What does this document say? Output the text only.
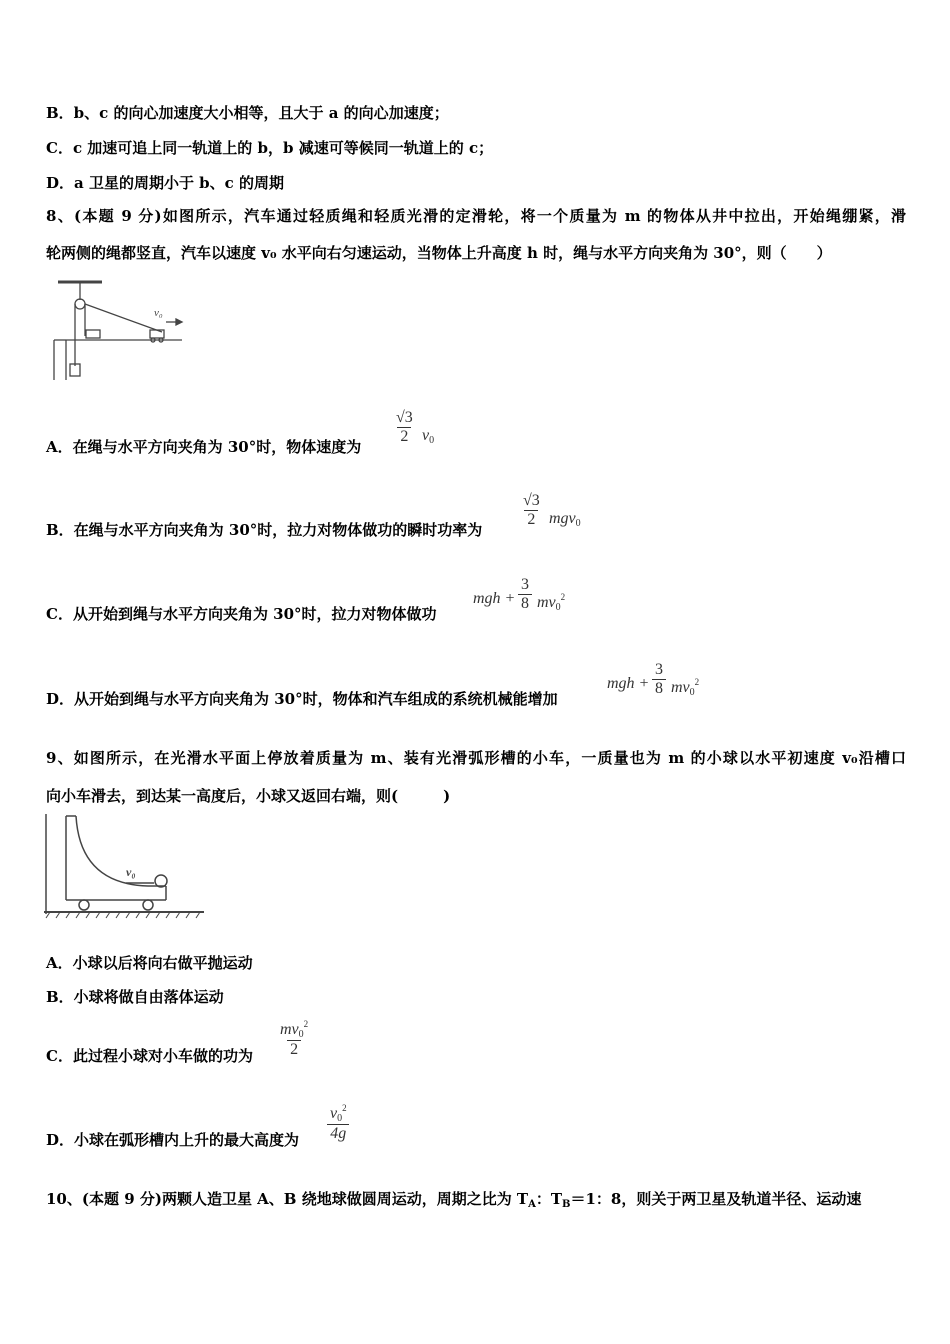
B．b、c 的向心加速度大小相等，且大于 a 的向心加速度；
C．c 加速可追上同一轨道上的 b，b 减速可等候同一轨道上的 c；
D．a 卫星的周期小于 b、c 的周期
8、(本题 9 分)如图所示，汽车通过轻质绳和轻质光滑的定滑轮，将一个质量为 m 的物体从井中拉出，开始绳绷紧，滑
轮两侧的绳都竖直，汽车以速度 v₀ 水平向右匀速运动，当物体上升高度 h 时，绳与水平方向夹角为 30°，则（　　）
v₀
A．在绳与水平方向夹角为 30°时，物体速度为
$\frac{√3}{2} v_0$
B．在绳与水平方向夹角为 30°时，拉力对物体做功的瞬时功率为
$\frac{√3}{2} mgv_0$
C．从开始到绳与水平方向夹角为 30°时，拉力对物体做功
mgh + $\frac{3}{8} mv_0^2$
D．从开始到绳与水平方向夹角为 30°时，物体和汽车组成的系统机械能增加
mgh + $\frac{3}{8} mv_0^2$
9、如图所示，在光滑水平面上停放着质量为 m、装有光滑弧形槽的小车，一质量也为 m 的小球以水平初速度 v₀沿槽口
向小车滑去，到达某一高度后，小球又返回右端，则(　　　)
v₀
A．小球以后将向右做平抛运动
B．小球将做自由落体运动
C．此过程小球对小车做的功为 $\frac{mv_0^2}{2}$
D．小球在弧形槽内上升的最大高度为 $\frac{v_0^2}{4g}$
10、(本题 9 分)两颗人造卫星 A、B 绕地球做圆周运动，周期之比为 $T_A$：$T_B=1$：8，则关于两卫星及轨道半径、运动速
